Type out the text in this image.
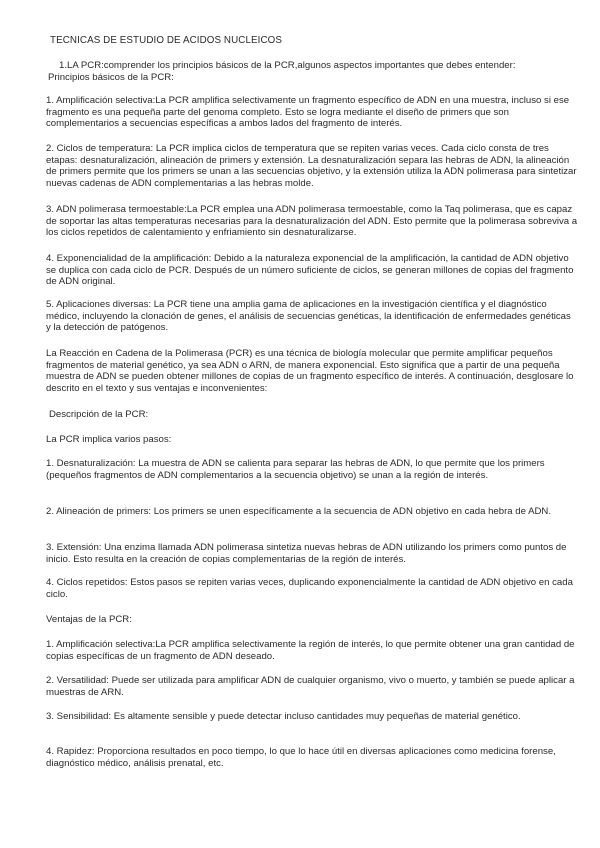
TECNICAS DE ESTUDIO DE ACIDOS NUCLEICOS

1.LA PCR:comprender los principios básicos de la PCR,algunos aspectos importantes que debes entender:

Principios básicos de la PCR:

1. Amplificación selectiva:La PCR amplifica selectivamente un fragmento específico de ADN en una muestra, incluso si ese fragmento es una pequeña parte del genoma completo. Esto se logra mediante el diseño de primers que son complementarios a secuencias específicas a ambos lados del fragmento de interés.

2. Ciclos de temperatura: La PCR implica ciclos de temperatura que se repiten varias veces. Cada ciclo consta de tres etapas: desnaturalización, alineación de primers y extensión. La desnaturalización separa las hebras de ADN, la alineación de primers permite que los primers se unan a las secuencias objetivo, y la extensión utiliza la ADN polimerasa para sintetizar nuevas cadenas de ADN complementarias a las hebras molde.

3. ADN polimerasa termoestable:La PCR emplea una ADN polimerasa termoestable, como la Taq polimerasa, que es capaz de soportar las altas temperaturas necesarias para la desnaturalización del ADN. Esto permite que la polimerasa sobreviva a los ciclos repetidos de calentamiento y enfriamiento sin desnaturalizarse.

4. Exponencialidad de la amplificación: Debido a la naturaleza exponencial de la amplificación, la cantidad de ADN objetivo se duplica con cada ciclo de PCR. Después de un número suficiente de ciclos, se generan millones de copias del fragmento de ADN original.

5. Aplicaciones diversas: La PCR tiene una amplia gama de aplicaciones en la investigación científica y el diagnóstico médico, incluyendo la clonación de genes, el análisis de secuencias genéticas, la identificación de enfermedades genéticas y la detección de patógenos.

La Reacción en Cadena de la Polimerasa (PCR) es una técnica de biología molecular que permite amplificar pequeños fragmentos de material genético, ya sea ADN o ARN, de manera exponencial. Esto significa que a partir de una pequeña muestra de ADN se pueden obtener millones de copias de un fragmento específico de interés. A continuación, desglosare lo descrito en el texto y sus ventajas e inconvenientes:

Descripción de la PCR:

La PCR implica varios pasos:

1. Desnaturalización: La muestra de ADN se calienta para separar las hebras de ADN, lo que permite que los primers (pequeños fragmentos de ADN complementarios a la secuencia objetivo) se unan a la región de interés.

2. Alineación de primers: Los primers se unen específicamente a la secuencia de ADN objetivo en cada hebra de ADN.

3. Extensión: Una enzima llamada ADN polimerasa sintetiza nuevas hebras de ADN utilizando los primers como puntos de inicio. Esto resulta en la creación de copias complementarias de la región de interés.

4. Ciclos repetidos: Estos pasos se repiten varias veces, duplicando exponencialmente la cantidad de ADN objetivo en cada ciclo.

Ventajas de la PCR:

1. Amplificación selectiva:La PCR amplifica selectivamente la región de interés, lo que permite obtener una gran cantidad de copias específicas de un fragmento de ADN deseado.

2. Versatilidad: Puede ser utilizada para amplificar ADN de cualquier organismo, vivo o muerto, y también se puede aplicar a muestras de ARN.

3. Sensibilidad: Es altamente sensible y puede detectar incluso cantidades muy pequeñas de material genético.

4. Rapidez: Proporciona resultados en poco tiempo, lo que lo hace útil en diversas aplicaciones como medicina forense, diagnóstico médico, análisis prenatal, etc.
